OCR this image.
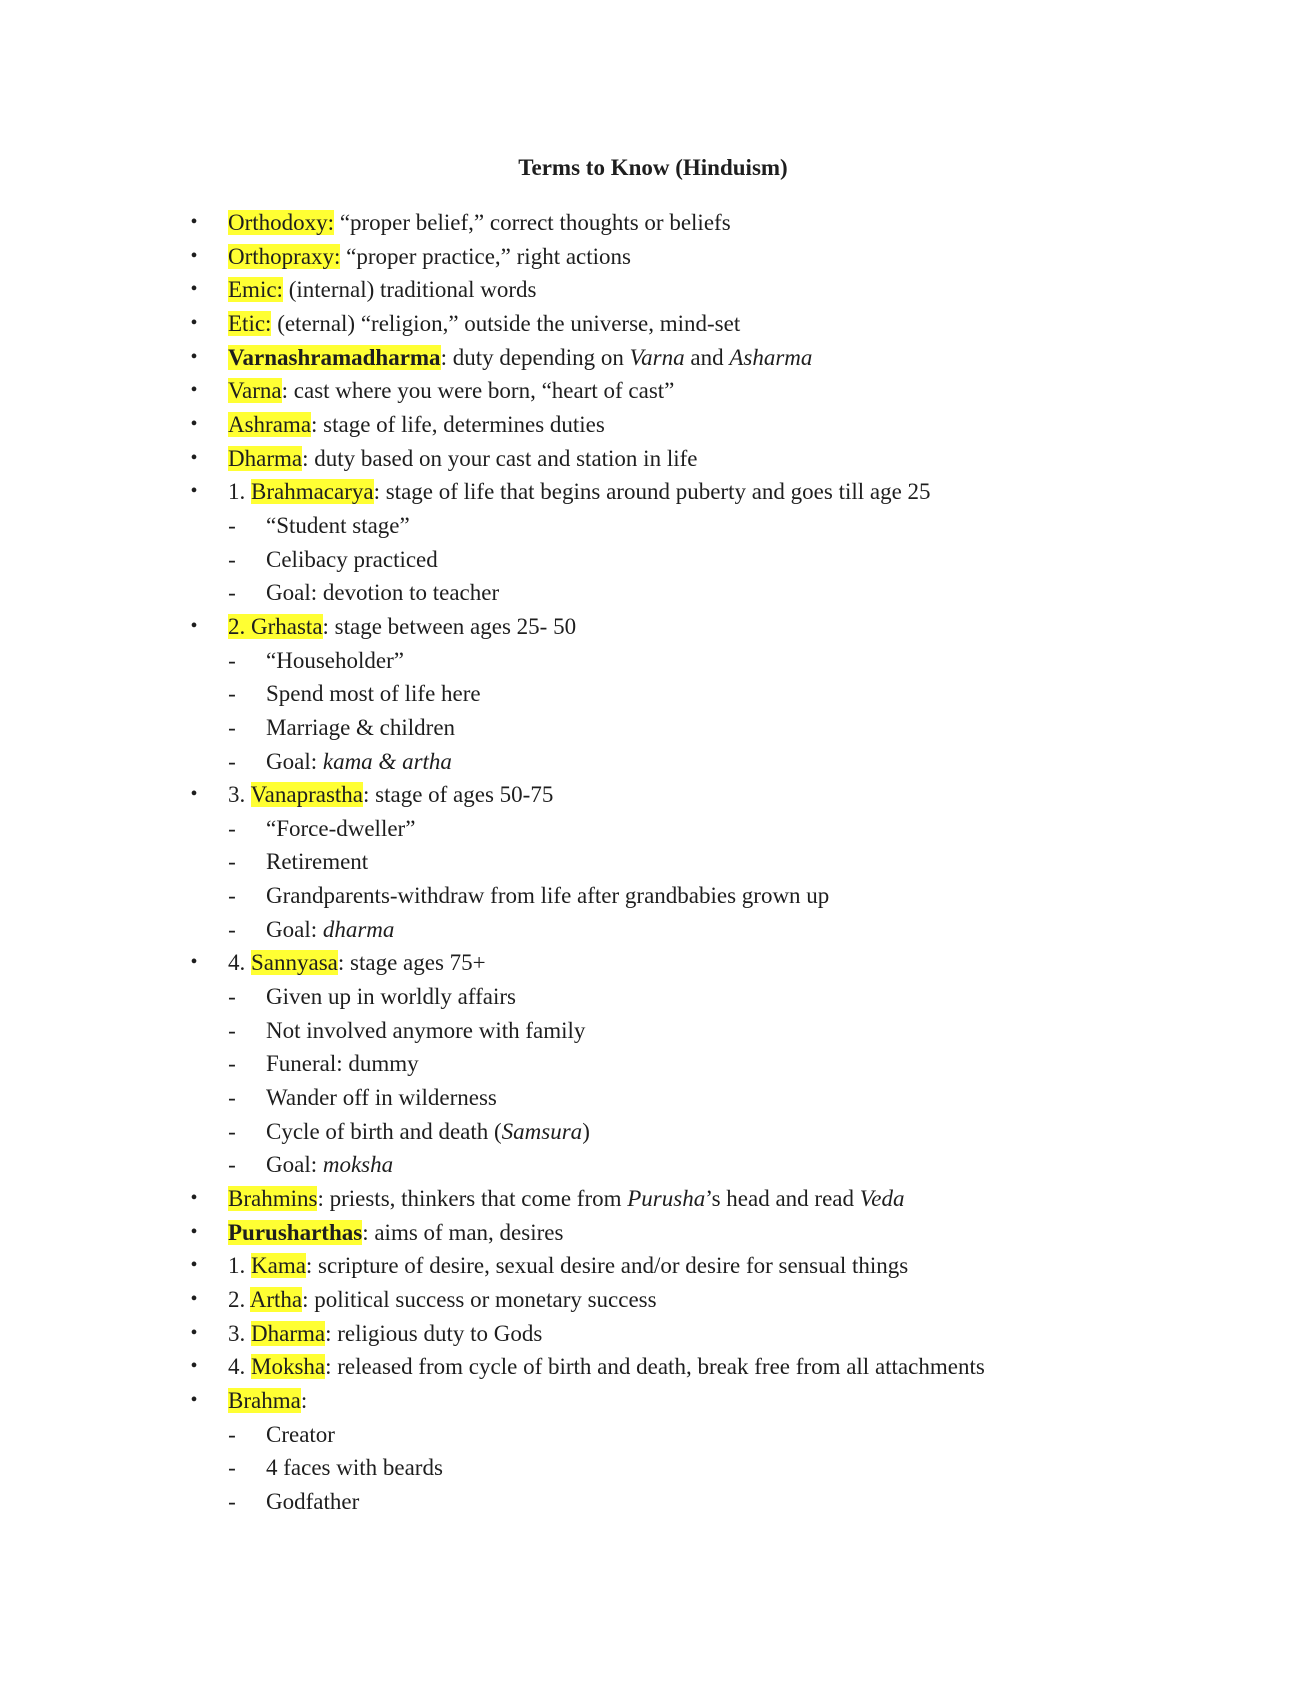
Terms to Know (Hinduism)
• Orthodoxy: “proper belief,” correct thoughts or beliefs
• Orthopraxy: “proper practice,” right actions
• Emic: (internal) traditional words
• Etic: (eternal) “religion,” outside the universe, mind-set
• Varnashramadharma: duty depending on Varna and Asharma
• Varna: cast where you were born, “heart of cast”
• Ashrama: stage of life, determines duties
• Dharma: duty based on your cast and station in life
• 1. Brahmacarya: stage of life that begins around puberty and goes till age 25
- “Student stage”
- Celibacy practiced
- Goal: devotion to teacher
• 2. Grhasta: stage between ages 25- 50
- “Householder”
- Spend most of life here
- Marriage & children
- Goal: kama & artha
• 3. Vanaprastha: stage of ages 50-75
- “Force-dweller”
- Retirement
- Grandparents-withdraw from life after grandbabies grown up
- Goal: dharma
• 4. Sannyasa: stage ages 75+
- Given up in worldly affairs
- Not involved anymore with family
- Funeral: dummy
- Wander off in wilderness
- Cycle of birth and death (Samsura)
- Goal: moksha
• Brahmins: priests, thinkers that come from Purusha’s head and read Veda
• Purusharthas: aims of man, desires
• 1. Kama: scripture of desire, sexual desire and/or desire for sensual things
• 2. Artha: political success or monetary success
• 3. Dharma: religious duty to Gods
• 4. Moksha: released from cycle of birth and death, break free from all attachments
• Brahma:
- Creator
- 4 faces with beards
- Godfather
